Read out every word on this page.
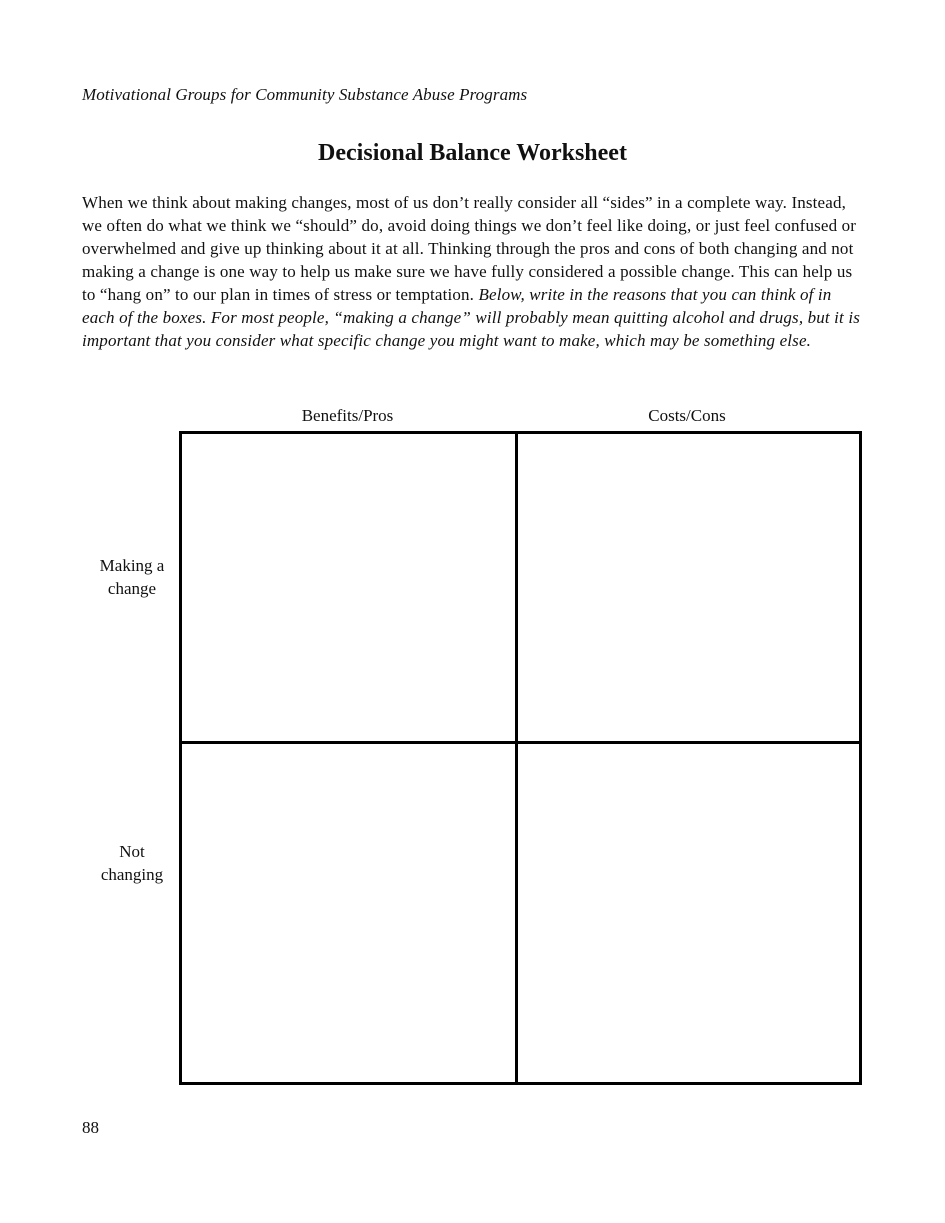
Motivational Groups for Community Substance Abuse Programs
Decisional Balance Worksheet

When we think about making changes, most of us don’t really consider all “sides” in a complete way. Instead, we often do what we think we “should” do, avoid doing things we don’t feel like doing, or just feel confused or overwhelmed and give up thinking about it at all. Thinking through the pros and cons of both changing and not making a change is one way to help us make sure we have fully considered a possible change. This can help us to “hang on” to our plan in times of stress or temptation. Below, write in the reasons that you can think of in each of the boxes. For most people, “making a change” will probably mean quitting alcohol and drugs, but it is important that you consider what specific change you might want to make, which may be something else.

Benefits/Pros	Costs/Cons
Making a
change
Not
changing
88
